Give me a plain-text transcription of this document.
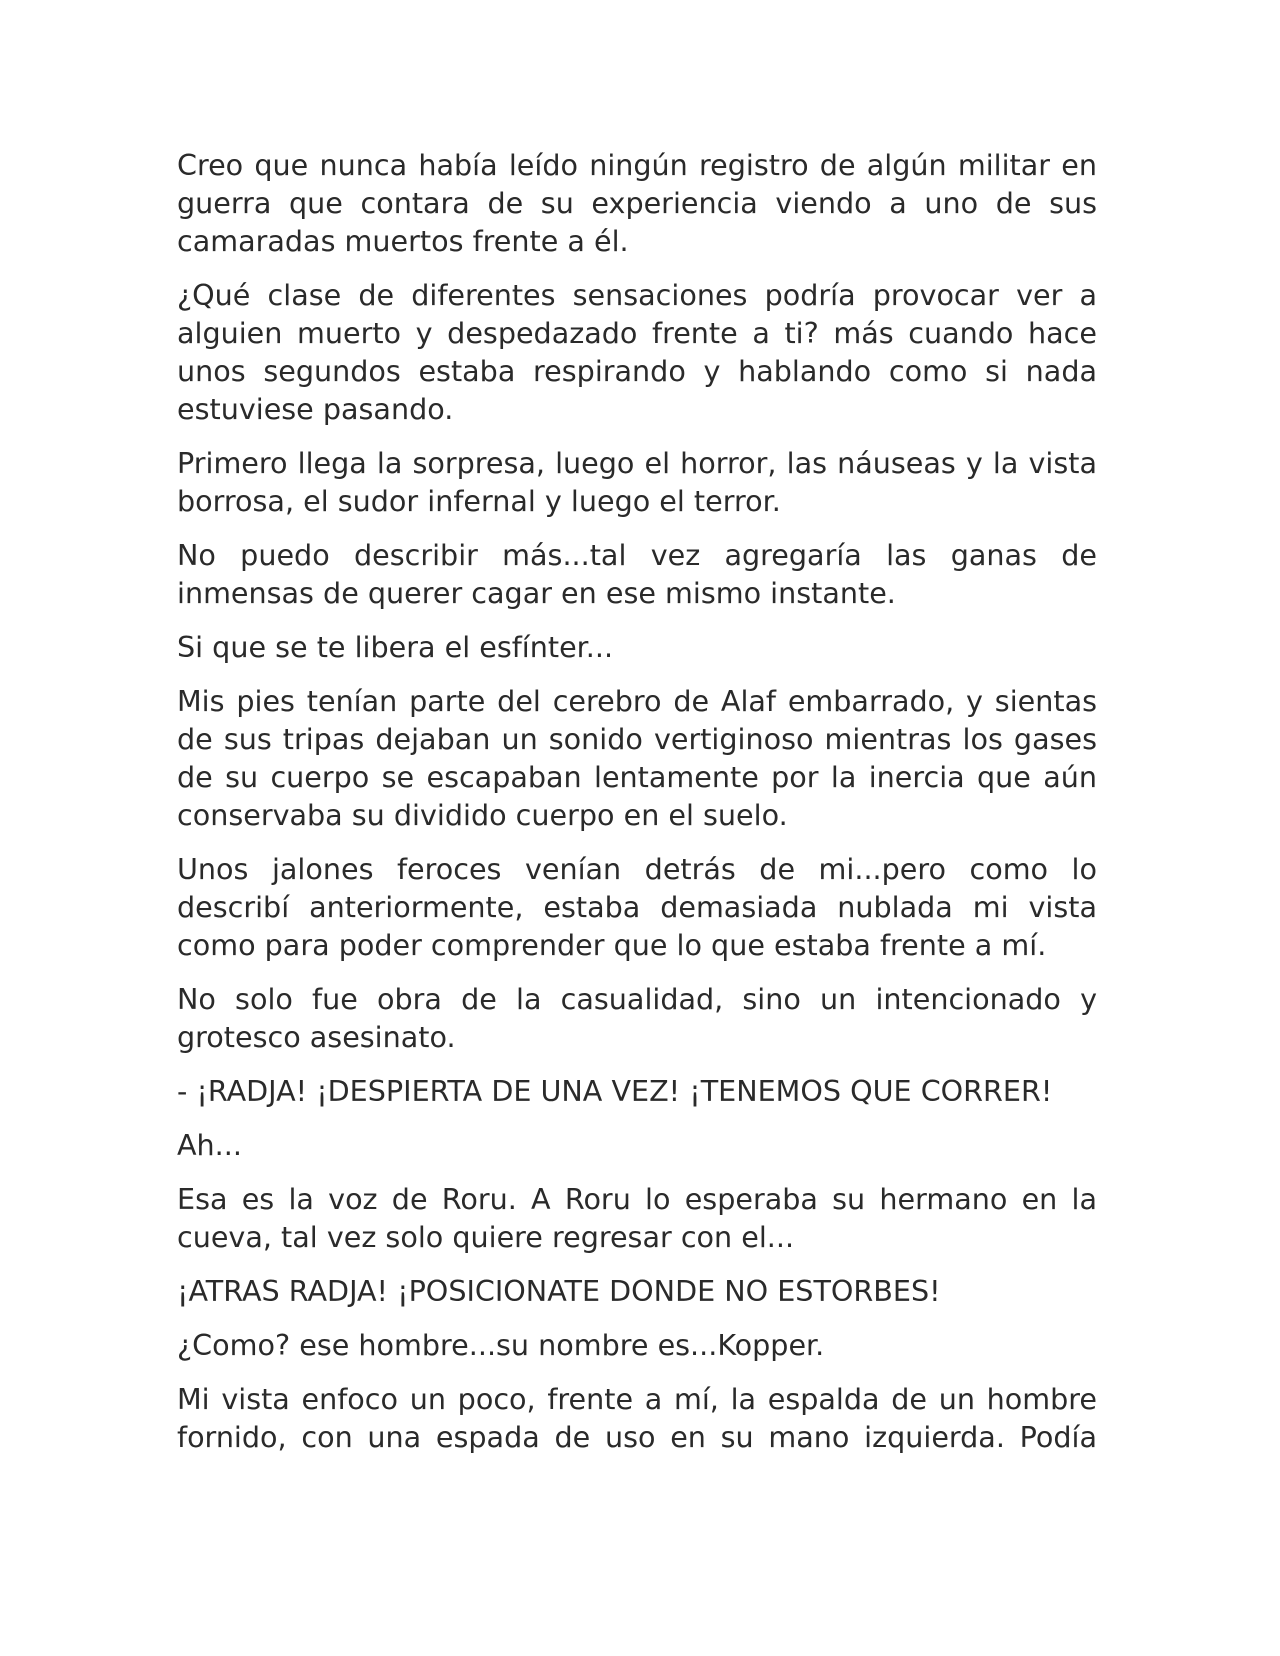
Creo que nunca había leído ningún registro de algún militar en guerra que contara de su experiencia viendo a uno de sus camaradas muertos frente a él.

¿Qué clase de diferentes sensaciones podría provocar ver a alguien muerto y despedazado frente a ti? más cuando hace unos segundos estaba respirando y hablando como si nada estuviese pasando.

Primero llega la sorpresa, luego el horror, las náuseas y la vista borrosa, el sudor infernal y luego el terror.

No puedo describir más...tal vez agregaría las ganas de inmensas de querer cagar en ese mismo instante.

Si que se te libera el esfínter...

Mis pies tenían parte del cerebro de Alaf embarrado, y sientas de sus tripas dejaban un sonido vertiginoso mientras los gases de su cuerpo se escapaban lentamente por la inercia que aún conservaba su dividido cuerpo en el suelo.

Unos jalones feroces venían detrás de mi...pero como lo describí anteriormente, estaba demasiada nublada mi vista como para poder comprender que lo que estaba frente a mí.

No solo fue obra de la casualidad, sino un intencionado y grotesco asesinato.

- ¡RADJA! ¡DESPIERTA DE UNA VEZ! ¡TENEMOS QUE CORRER!

Ah...

Esa es la voz de Roru. A Roru lo esperaba su hermano en la cueva, tal vez solo quiere regresar con el...

¡ATRAS RADJA! ¡POSICIONATE DONDE NO ESTORBES!

¿Como? ese hombre...su nombre es...Kopper.

Mi vista enfoco un poco, frente a mí, la espalda de un hombre fornido, con una espada de uso en su mano izquierda. Podía
